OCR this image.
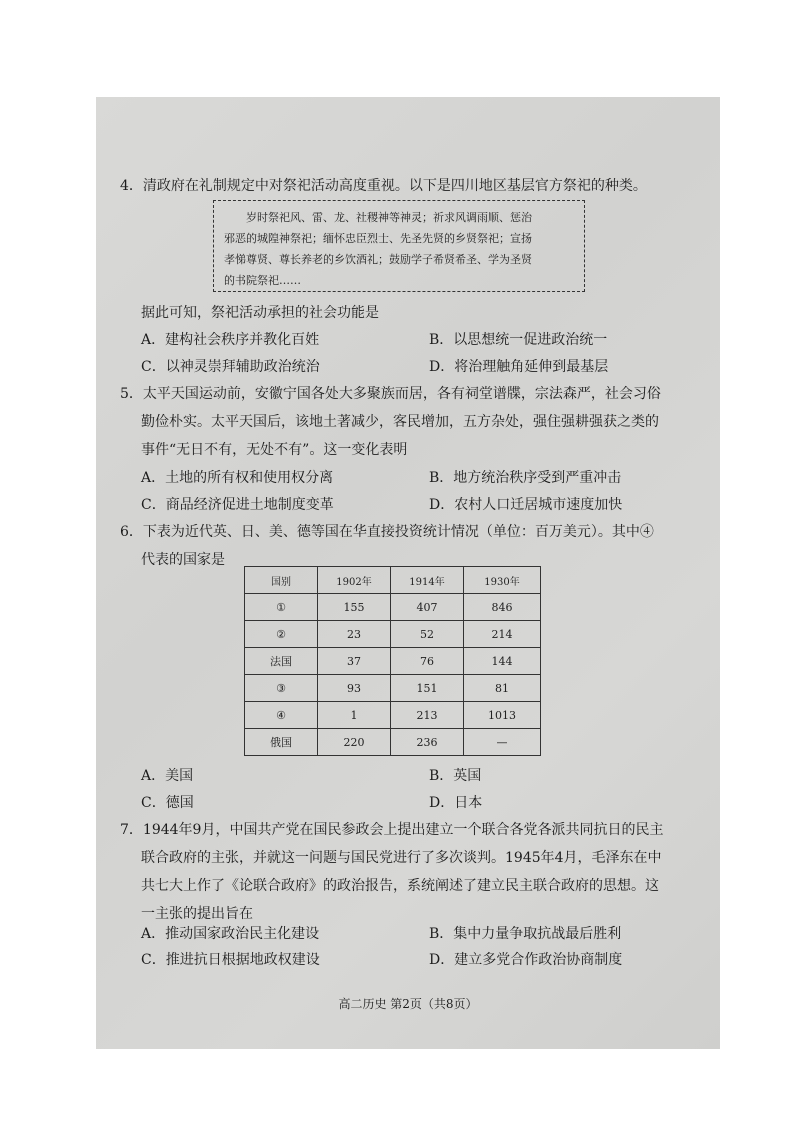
4．清政府在礼制规定中对祭祀活动高度重视。以下是四川地区基层官方祭祀的种类。
岁时祭祀风、雷、龙、社稷神等神灵；祈求风调雨顺、惩治
邪恶的城隍神祭祀；缅怀忠臣烈士、先圣先贤的乡贤祭祀；宣扬
孝悌尊贤、尊长养老的乡饮酒礼；鼓励学子希贤希圣、学为圣贤
的书院祭祀……
据此可知，祭祀活动承担的社会功能是
A．建构社会秩序并教化百姓	B．以思想统一促进政治统一
C．以神灵崇拜辅助政治统治	D．将治理触角延伸到最基层
5．太平天国运动前，安徽宁国各处大多聚族而居，各有祠堂谱牒，宗法森严，社会习俗
勤俭朴实。太平天国后，该地土著减少，客民增加，五方杂处，强住强耕强获之类的
事件“无日不有，无处不有”。这一变化表明
A．土地的所有权和使用权分离	B．地方统治秩序受到严重冲击
C．商品经济促进土地制度变革	D．农村人口迁居城市速度加快
6．下表为近代英、日、美、德等国在华直接投资统计情况（单位：百万美元）。其中④
代表的国家是
国别	1902年	1914年	1930年
①	155	407	846
②	23	52	214
法国	37	76	144
③	93	151	81
④	1	213	1013
俄国	220	236	—
A．美国	B．英国
C．德国	D．日本
7．1944年9月，中国共产党在国民参政会上提出建立一个联合各党各派共同抗日的民主
联合政府的主张，并就这一问题与国民党进行了多次谈判。1945年4月，毛泽东在中
共七大上作了《论联合政府》的政治报告，系统阐述了建立民主联合政府的思想。这
一主张的提出旨在
A．推动国家政治民主化建设	B．集中力量争取抗战最后胜利
C．推进抗日根据地政权建设	D．建立多党合作政治协商制度
高二历史 第2页（共8页）
